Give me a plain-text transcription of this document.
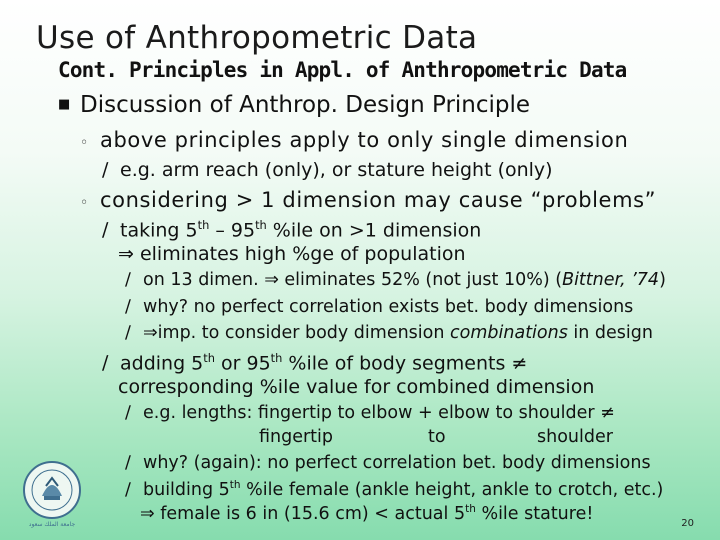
Use of Anthropometric Data
Cont. Principles in Appl. of Anthropometric Data
■ Discussion of Anthrop. Design Principle
◦ above principles apply to only single dimension
∕ e.g. arm reach (only), or stature height (only)
◦ considering > 1 dimension may cause “problems”
∕ taking 5th – 95th %ile on >1 dimension
⇒ eliminates high %ge of population
∕ on 13 dimen. ⇒ eliminates 52% (not just 10%) (Bittner, ’74)
∕ why? no perfect correlation exists bet. body dimensions
∕ ⇒imp. to consider body dimension combinations in design
∕ adding 5th or 95th %ile of body segments ≠
corresponding %ile value for combined dimension
∕ e.g. lengths: fingertip to elbow + elbow to shoulder ≠
fingertip	to	shoulder
∕ why? (again): no perfect correlation bet. body dimensions
∕ building 5th %ile female (ankle height, ankle to crotch, etc.)
⇒ female is 6 in (15.6 cm) < actual 5th %ile stature!
جامعة الملك سعود	20
